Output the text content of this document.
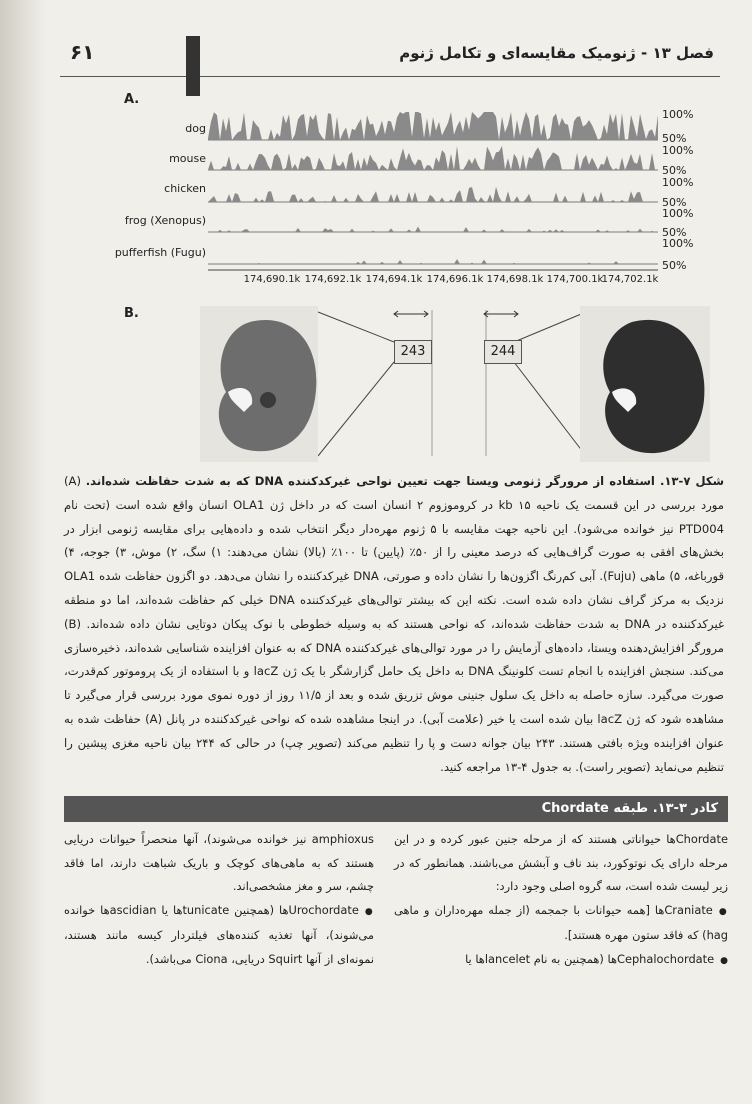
۶۱	فصل ۱۳ - ژنومیک مقایسه‌ای و تکامل ژنوم
A.
B.
dog
mouse
chicken
frog (Xenopus)
pufferfish (Fugu)
100%
50%
100%
50%
100%
50%
100%
50%
100%
50%
174,690.1k 174,692.1k 174,694.1k 174,696.1k 174,698.1k 174,700.1k
174,702.1k
243	244
شکل ۷-۱۳. استفاده از مرورگر ژنومی ویستا جهت تعیین نواحی غیرکدکننده DNA که به شدت حفاظت شده‌اند. (A) مورد بررسی در این قسمت یک ناحیه ۱۵ kb در کروموزوم ۲ انسان است که در داخل ژن OLA1 انسان واقع شده است (تحت نام PTD004 نیز خوانده می‌شود). این ناحیه جهت مقایسه با ۵ ژنوم مهره‌دار دیگر انتخاب شده و داده‌هایی برای مقایسه ژنومی ابزار در بخش‌های افقی به صورت گراف‌هایی که درصد معینی را از ۵۰٪ (پایین) تا ۱۰۰٪ (بالا) نشان می‌دهند: ۱) سگ، ۲) موش، ۳) جوجه، ۴) قورباغه، ۵) ماهی (Fuju). آبی کم‌رنگ اگزون‌ها را نشان داده و صورتی، DNA غیرکدکننده را نشان می‌دهد. دو اگزون حفاظت شده OLA1 نزدیک به مرکز گراف نشان داده شده است. نکته این که بیشتر توالی‌های غیرکدکننده DNA خیلی کم حفاظت شده‌اند، اما دو منطقه غیرکدکننده در DNA به شدت حفاظت شده‌اند، که نواحی هستند که به وسیله خطوطی با نوک پیکان دوتایی نشان داده شده‌اند. (B) مرورگر افزایش‌دهنده ویستا، داده‌های آزمایش را در مورد توالی‌های غیرکدکننده DNA که به عنوان افزاینده شناسایی شده‌اند، ذخیره‌سازی می‌کند. سنجش افزاینده با انجام تست کلونینگ DNA به داخل یک حامل گزارشگر با یک ژن lacZ و با استفاده از یک پروموتور کم‌قدرت، صورت می‌گیرد. سازه حاصله به داخل یک سلول جنینی موش تزریق شده و بعد از ۱۱/۵ روز از دوره نموی مورد بررسی قرار می‌گیرد تا مشاهده شود که ژن lacZ بیان شده است یا خیر (علامت آبی). در اینجا مشاهده شده که نواحی غیرکدکننده در پانل (A) حفاظت شده به عنوان افزاینده ویژه بافتی هستند. ۲۴۳ بیان جوانه دست و پا را تنظیم می‌کند (تصویر چپ) در حالی که ۲۴۴ بیان ناحیه مغزی پیشین را تنظیم می‌نماید (تصویر راست). به جدول ۴-۱۳ مراجعه کنید.
کادر ۳-۱۳. طبقه Chordate

Chordateها حیواناتی هستند که از مرحله جنین عبور کرده و در این مرحله دارای یک نوتوکورد، بند ناف و آبشش می‌باشند. همانطور که در زیر لیست شده است، سه گروه اصلی وجود دارد:

● Craniateها [همه حیوانات با جمجمه (از جمله مهره‌داران و ماهی hag) که فاقد ستون مهره هستند].

● Cephalochordateها (همچنین به نام lanceletها یا

amphioxus نیز خوانده می‌شوند)، آنها منحصراً حیوانات دریایی هستند که به ماهی‌های کوچک و باریک شباهت دارند، اما فاقد چشم، سر و مغز مشخصی‌اند.

● Urochordateها (همچنین tunicateها یا ascidianها خوانده می‌شوند)، آنها تغذیه کننده‌های فیلتردار کیسه مانند هستند، نمونه‌ای از آنها Squirt دریایی، Ciona می‌باشد).
